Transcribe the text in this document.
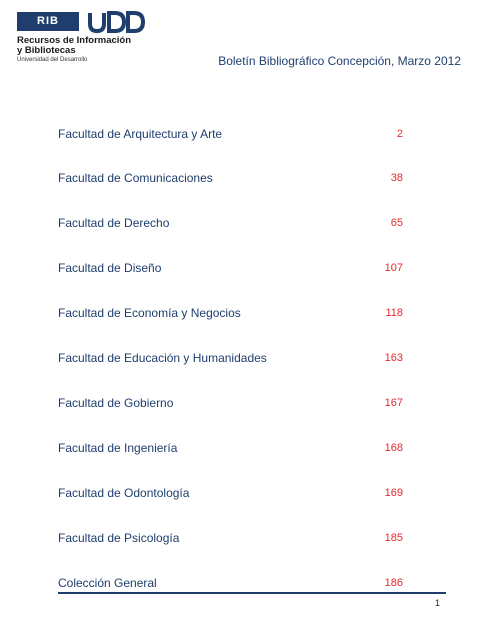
RIB
Recursos de Información
y Bibliotecas
Universidad del Desarrollo	Boletín Bibliográfico Concepción, Marzo 2012
Facultad de Arquitectura y Arte	2
Facultad de Comunicaciones	38
Facultad de Derecho	65
Facultad de Diseño	107
Facultad de Economía y Negocios	118
Facultad de Educación y Humanidades	163
Facultad de Gobierno	167
Facultad de Ingeniería	168
Facultad de Odontología	169
Facultad de Psicología	185
Colección General	186
1
